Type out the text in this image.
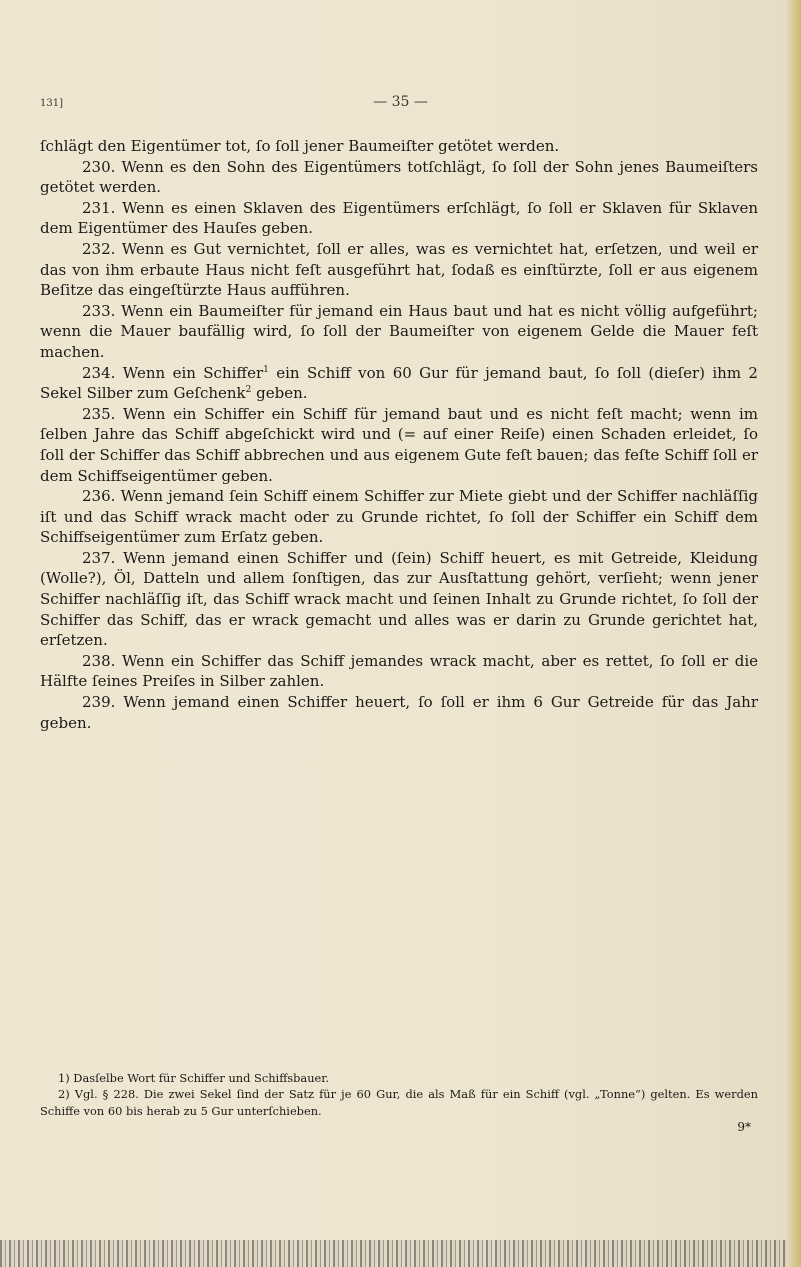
131]	— 35 —

ſchlägt den Eigentümer tot, ſo ſoll jener Baumeiſter getötet werden.

230. Wenn es den Sohn des Eigentümers totſchlägt, ſo ſoll der Sohn jenes Baumeiſters getötet werden.

231. Wenn es einen Sklaven des Eigentümers erſchlägt, ſo ſoll er Sklaven für Sklaven dem Eigentümer des Hauſes geben.

232. Wenn es Gut vernichtet, ſoll er alles, was es vernichtet hat, erſetzen, und weil er das von ihm erbaute Haus nicht feſt ausgeführt hat, ſodaß es einſtürzte, ſoll er aus eigenem Beſitze das eingeſtürzte Haus aufführen.

233. Wenn ein Baumeiſter für jemand ein Haus baut und hat es nicht völlig aufgeführt; wenn die Mauer baufällig wird, ſo ſoll der Baumeiſter von eigenem Gelde die Mauer feſt machen.

234. Wenn ein Schiffer$^1$ ein Schiff von 60 Gur für jemand baut, ſo ſoll (dieſer) ihm 2 Sekel Silber zum Geſchenk$^2$ geben.

235. Wenn ein Schiffer ein Schiff für jemand baut und es nicht feſt macht; wenn im ſelben Jahre das Schiff abgeſchickt wird und (= auf einer Reiſe) einen Schaden erleidet, ſo ſoll der Schiffer das Schiff abbrechen und aus eigenem Gute feſt bauen; das feſte Schiff ſoll er dem Schiffseigentümer geben.

236. Wenn jemand ſein Schiff einem Schiffer zur Miete giebt und der Schiffer nachläſſig iſt und das Schiff wrack macht oder zu Grunde richtet, ſo ſoll der Schiffer ein Schiff dem Schiffseigentümer zum Erſatz geben.

237. Wenn jemand einen Schiffer und (ſein) Schiff heuert, es mit Getreide, Kleidung (Wolle?), Öl, Datteln und allem ſonſtigen, das zur Ausſtattung gehört, verſieht; wenn jener Schiffer nachläſſig iſt, das Schiff wrack macht und ſeinen Inhalt zu Grunde richtet, ſo ſoll der Schiffer das Schiff, das er wrack gemacht und alles was er darin zu Grunde gerichtet hat, erſetzen.

238. Wenn ein Schiffer das Schiff jemandes wrack macht, aber es rettet, ſo ſoll er die Hälfte ſeines Preiſes in Silber zahlen.

239. Wenn jemand einen Schiffer heuert, ſo ſoll er ihm 6 Gur Getreide für das Jahr geben.

1) Dasſelbe Wort für Schiffer und Schiffsbauer.

2) Vgl. § 228. Die zwei Sekel ſind der Satz für je 60 Gur, die als Maß für ein Schiff (vgl. „Tonne“) gelten. Es werden Schiffe von 60 bis herab zu 5 Gur unterſchieben.

9*
